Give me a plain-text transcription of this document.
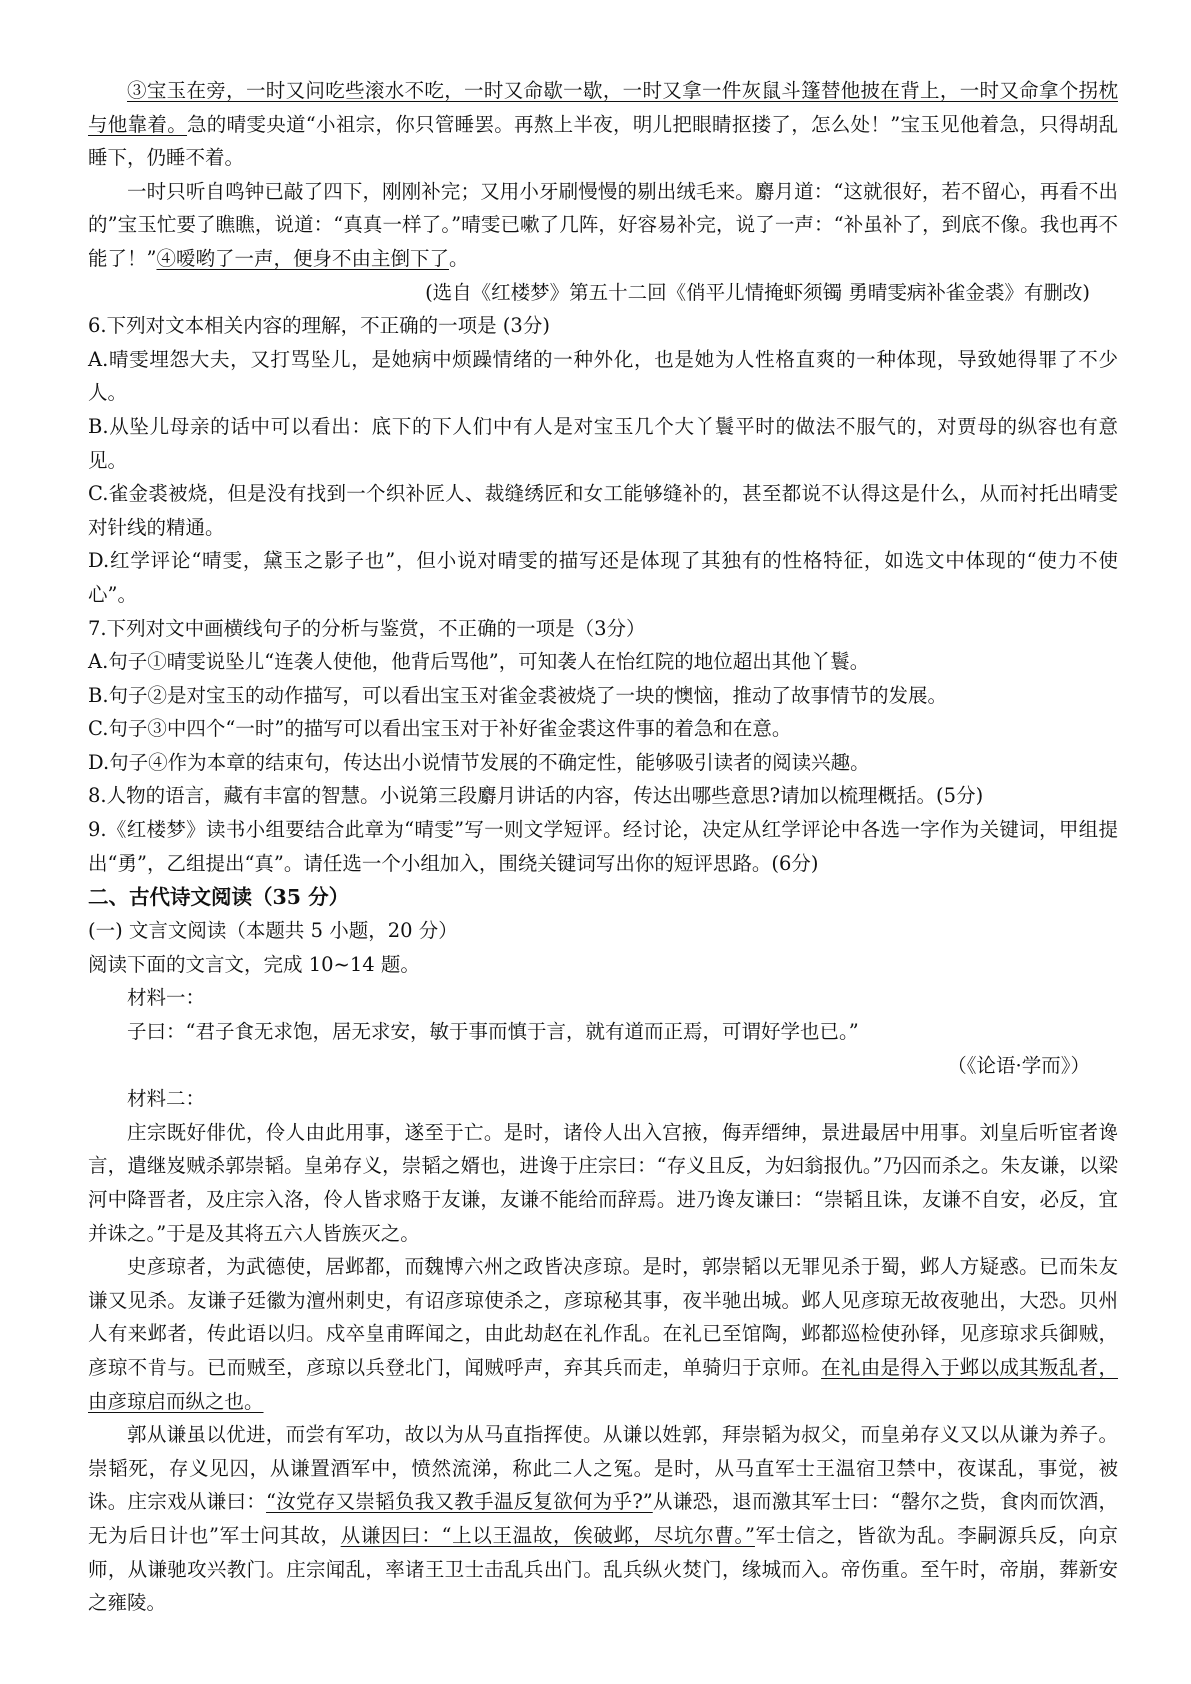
③宝玉在旁，一时又问吃些滚水不吃，一时又命歇一歇，一时又拿一件灰鼠斗篷替他披在背上，一时又命拿个拐枕与他靠着。急的晴雯央道“小祖宗，你只管睡罢。再熬上半夜，明儿把眼睛抠搂了，怎么处！”宝玉见他着急，只得胡乱睡下，仍睡不着。

一时只听自鸣钟已敲了四下，刚刚补完；又用小牙刷慢慢的剔出绒毛来。麝月道：“这就很好，若不留心，再看不出的”宝玉忙要了瞧瞧，说道：“真真一样了。”晴雯已嗽了几阵，好容易补完，说了一声：“补虽补了，到底不像。我也再不能了！”④嗳哟了一声，便身不由主倒下了。

(选自《红楼梦》第五十二回《俏平儿情掩虾须镯 勇晴雯病补雀金裘》有删改)

6.下列对文本相关内容的理解，不正确的一项是 (3分)

A.晴雯埋怨大夫，又打骂坠儿，是她病中烦躁情绪的一种外化，也是她为人性格直爽的一种体现，导致她得罪了不少人。

B.从坠儿母亲的话中可以看出：底下的下人们中有人是对宝玉几个大丫鬟平时的做法不服气的，对贾母的纵容也有意见。

C.雀金裘被烧，但是没有找到一个织补匠人、裁缝绣匠和女工能够缝补的，甚至都说不认得这是什么，从而衬托出晴雯对针线的精通。

D.红学评论“晴雯，黛玉之影子也”，但小说对晴雯的描写还是体现了其独有的性格特征，如选文中体现的“使力不使心”。

7.下列对文中画横线句子的分析与鉴赏，不正确的一项是（3分）

A.句子①晴雯说坠儿“连袭人使他，他背后骂他”，可知袭人在怡红院的地位超出其他丫鬟。

B.句子②是对宝玉的动作描写，可以看出宝玉对雀金裘被烧了一块的懊恼，推动了故事情节的发展。

C.句子③中四个“一时”的描写可以看出宝玉对于补好雀金裘这件事的着急和在意。

D.句子④作为本章的结束句，传达出小说情节发展的不确定性，能够吸引读者的阅读兴趣。

8.人物的语言，藏有丰富的智慧。小说第三段麝月讲话的内容，传达出哪些意思?请加以梳理概括。(5分)

9.《红楼梦》读书小组要结合此章为“晴雯”写一则文学短评。经讨论，决定从红学评论中各选一字作为关键词，甲组提出“勇”，乙组提出“真”。请任选一个小组加入，围绕关键词写出你的短评思路。(6分)

二、古代诗文阅读（35 分）

(一) 文言文阅读（本题共 5 小题，20 分）

阅读下面的文言文，完成 10~14 题。

材料一：

子曰：“君子食无求饱，居无求安，敏于事而慎于言，就有道而正焉，可谓好学也已。”

（《论语·学而》）

材料二：

庄宗既好俳优，伶人由此用事，遂至于亡。是时，诸伶人出入宫掖，侮弄缙绅，景进最居中用事。刘皇后听宦者谗言，遣继岌贼杀郭崇韬。皇弟存义，崇韬之婿也，进谗于庄宗曰：“存义且反，为妇翁报仇。”乃囚而杀之。朱友谦，以梁河中降晋者，及庄宗入洛，伶人皆求赂于友谦，友谦不能给而辞焉。进乃谗友谦曰：“崇韬且诛，友谦不自安，必反，宜并诛之。”于是及其将五六人皆族灭之。

史彦琼者，为武德使，居邺都，而魏博六州之政皆决彦琼。是时，郭崇韬以无罪见杀于蜀，邺人方疑惑。已而朱友谦又见杀。友谦子廷徽为澶州刺史，有诏彦琼使杀之，彦琼秘其事，夜半驰出城。邺人见彦琼无故夜驰出，大恐。贝州人有来邺者，传此语以归。戍卒皇甫晖闻之，由此劫赵在礼作乱。在礼已至馆陶，邺都巡检使孙铎，见彦琼求兵御贼，彦琼不肯与。已而贼至，彦琼以兵登北门，闻贼呼声，弃其兵而走，单骑归于京师。在礼由是得入于邺以成其叛乱者，由彦琼启而纵之也。

郭从谦虽以优进，而尝有军功，故以为从马直指挥使。从谦以姓郭，拜崇韬为叔父，而皇弟存义又以从谦为养子。崇韬死，存义见囚，从谦置酒军中，愤然流涕，称此二人之冤。是时，从马直军士王温宿卫禁中，夜谋乱，事觉，被诛。庄宗戏从谦曰：“汝党存又崇韬负我又教手温反复欲何为乎?”从谦恐，退而激其军士曰：“罄尔之赀，食肉而饮酒，无为后日计也”军士问其故，从谦因曰：“上以王温故，俟破邺，尽坑尔曹。”军士信之，皆欲为乱。李嗣源兵反，向京师，从谦驰攻兴教门。庄宗闻乱，率诸王卫士击乱兵出门。乱兵纵火焚门，缘城而入。帝伤重。至午时，帝崩，葬新安之雍陵。
